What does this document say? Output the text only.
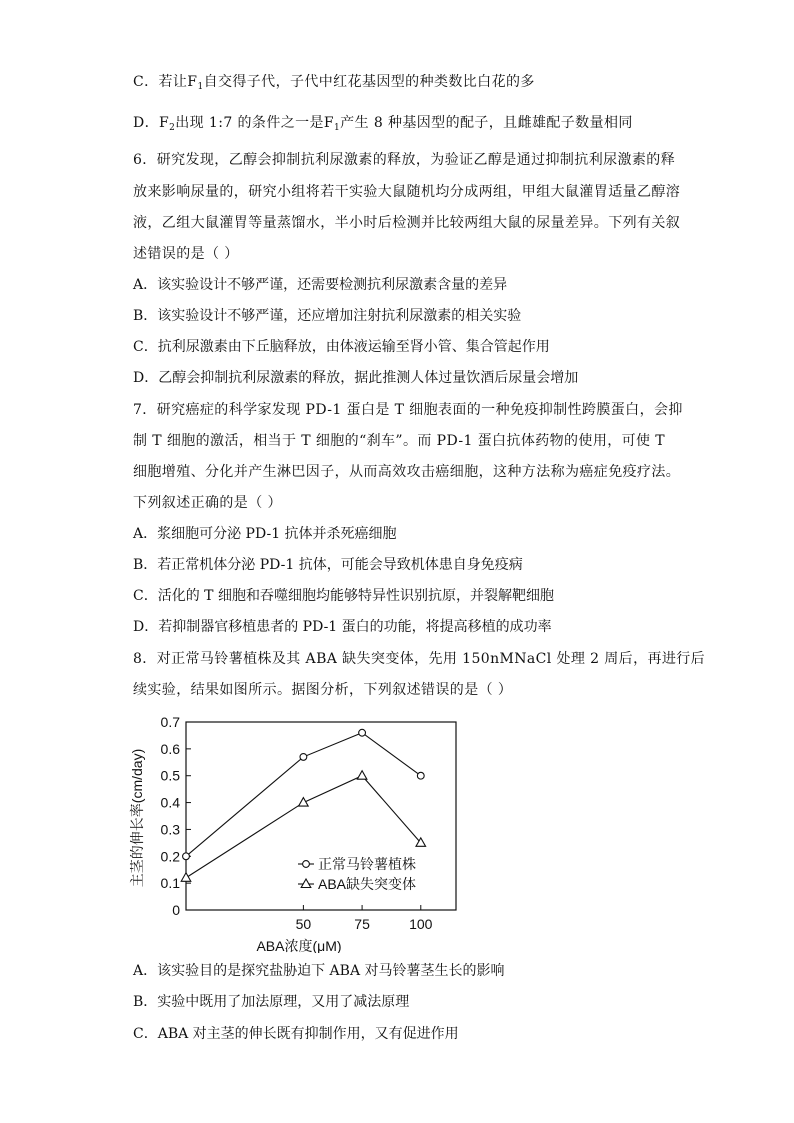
C．若让$F_1$自交得子代，子代中红花基因型的种类数比白花的多
D．$F_2$出现 1:7 的条件之一是$F_1$产生 8 种基因型的配子，且雌雄配子数量相同
6．研究发现，乙醇会抑制抗利尿激素的释放，为验证乙醇是通过抑制抗利尿激素的释
放来影响尿量的，研究小组将若干实验大鼠随机均分成两组，甲组大鼠灌胃适量乙醇溶
液，乙组大鼠灌胃等量蒸馏水，半小时后检测并比较两组大鼠的尿量差异。下列有关叙
述错误的是（ ）
A．该实验设计不够严谨，还需要检测抗利尿激素含量的差异
B．该实验设计不够严谨，还应增加注射抗利尿激素的相关实验
C．抗利尿激素由下丘脑释放，由体液运输至肾小管、集合管起作用
D．乙醇会抑制抗利尿激素的释放，据此推测人体过量饮酒后尿量会增加
7．研究癌症的科学家发现 PD-1 蛋白是 T 细胞表面的一种免疫抑制性跨膜蛋白，会抑
制 T 细胞的激活，相当于 T 细胞的“刹车”。而 PD-1 蛋白抗体药物的使用，可使 T
细胞增殖、分化并产生淋巴因子，从而高效攻击癌细胞，这种方法称为癌症免疫疗法。
下列叙述正确的是（ ）
A．浆细胞可分泌 PD-1 抗体并杀死癌细胞
B．若正常机体分泌 PD-1 抗体，可能会导致机体患自身免疫病
C．活化的 T 细胞和吞噬细胞均能够特异性识别抗原，并裂解靶细胞
D．若抑制器官移植患者的 PD-1 蛋白的功能，将提高移植的成功率
8．对正常马铃薯植株及其 ABA 缺失突变体，先用 150nMNaCl 处理 2 周后，再进行后
续实验，结果如图所示。据图分析，下列叙述错误的是（ ）
0
0.1
0.2
0.3
0.4
0.5
0.6
0.7
50	75	100
ABA浓度(μM)
主茎的伸长率(cm/day)	正常马铃薯植株
ABA缺失突变体
A．该实验目的是探究盐胁迫下 ABA 对马铃薯茎生长的影响
B．实验中既用了加法原理，又用了减法原理
C．ABA 对主茎的伸长既有抑制作用，又有促进作用
